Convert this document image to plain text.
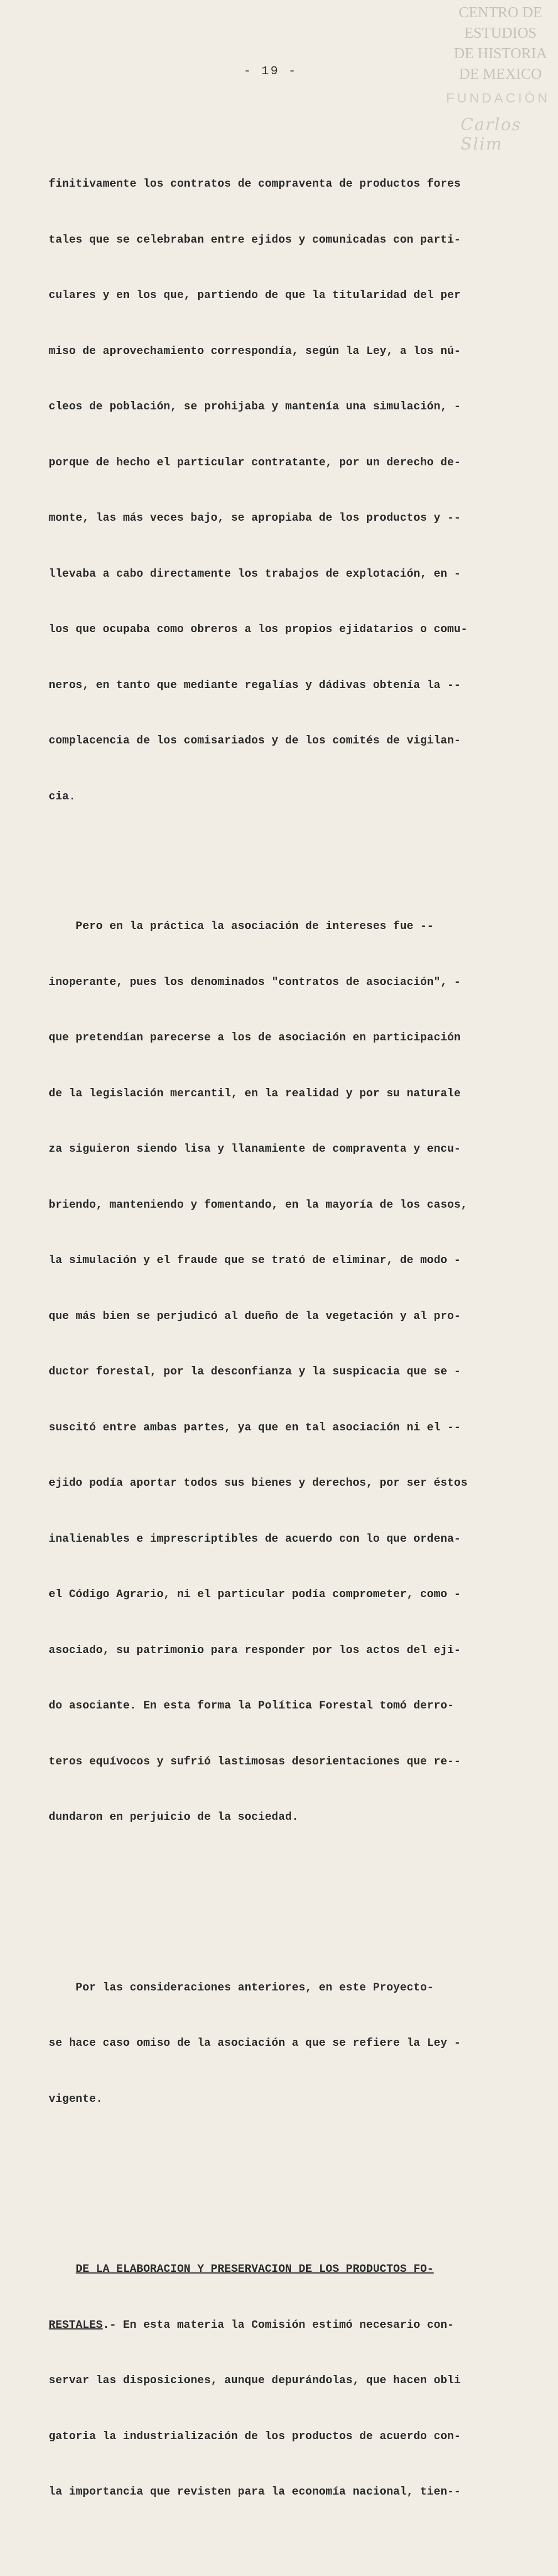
CENTRO DE
ESTUDIOS
DE HISTORIA
DE MEXICO
FUNDACIÓN
Carlos Slim
- 19 -

finitivamente los contratos de compraventa de productos fores

tales que se celebraban entre ejidos y comunicadas con parti-

culares y en los que, partiendo de que la titularidad del per

miso de aprovechamiento correspondía, según la Ley, a los nú-

cleos de población, se prohijaba y mantenía una simulación, -

porque de hecho el particular contratante, por un derecho de-

monte, las más veces bajo, se apropiaba de los productos y --

llevaba a cabo directamente los trabajos de explotación, en -

los que ocupaba como obreros a los propios ejidatarios o comu-

neros, en tanto que mediante regalías y dádivas obtenía la --

complacencia de los comisariados y de los comités de vigilan-

cia.

Pero en la práctica la asociación de intereses fue --

inoperante, pues los denominados "contratos de asociación", -

que pretendían parecerse a los de asociación en participación

de la legislación mercantil, en la realidad y por su naturale

za siguieron siendo lisa y llanamiente de compraventa y encu-

briendo, manteniendo y fomentando, en la mayoría de los casos,

la simulación y el fraude que se trató de eliminar, de modo -

que más bien se perjudicó al dueño de la vegetación y al pro-

ductor forestal, por la desconfianza y la suspicacia que se -

suscitó entre ambas partes, ya que en tal asociación ni el --

ejido podía aportar todos sus bienes y derechos, por ser éstos

inalienables e imprescriptibles de acuerdo con lo que ordena-

el Código Agrario, ni el particular podía comprometer, como -

asociado, su patrimonio para responder por los actos del eji-

do asociante. En esta forma la Política Forestal tomó derro-

teros equívocos y sufrió lastimosas desorientaciones que re--

dundaron en perjuicio de la sociedad.

Por las consideraciones anteriores, en este Proyecto-

se hace caso omiso de la asociación a que se refiere la Ley -

vigente.

DE LA ELABORACION Y PRESERVACION DE LOS PRODUCTOS FO-

RESTALES.- En esta materia la Comisión estimó necesario con-

servar las disposiciones, aunque depurándolas, que hacen obli

gatoria la industrialización de los productos de acuerdo con-

la importancia que revisten para la economía nacional, tien--
